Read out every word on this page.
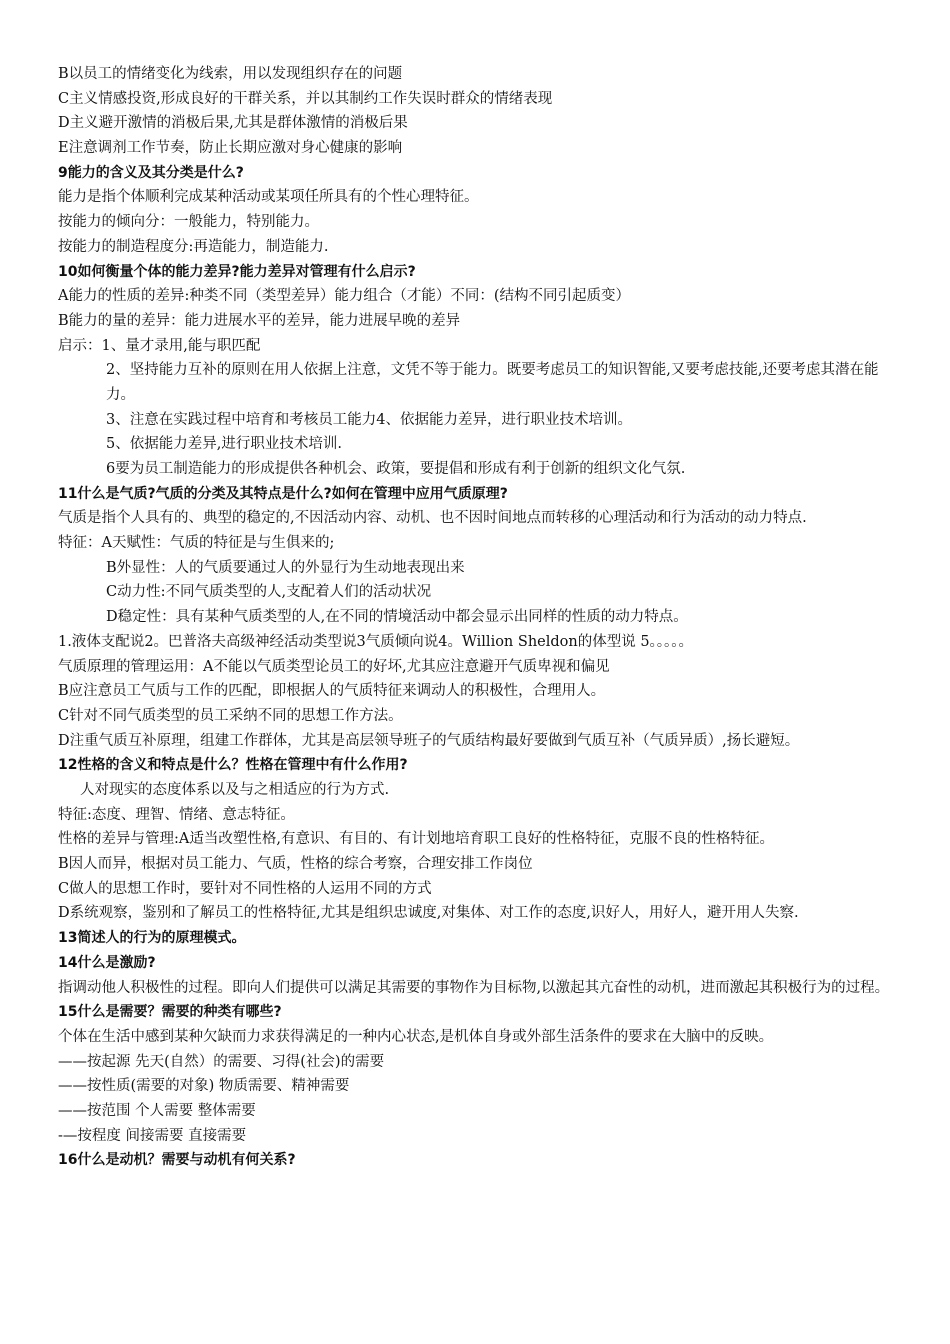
B以员工的情绪变化为线索，用以发现组织存在的问题
C主义情感投资,形成良好的干群关系，并以其制约工作失误时群众的情绪表现
D主义避开激情的消极后果,尤其是群体激情的消极后果
E注意调剂工作节奏，防止长期应激对身心健康的影响
9能力的含义及其分类是什么?
能力是指个体顺利完成某种活动或某项任所具有的个性心理特征。
按能力的倾向分：一般能力，特别能力。
按能力的制造程度分:再造能力，制造能力.
10如何衡量个体的能力差异?能力差异对管理有什么启示?
A能力的性质的差异:种类不同（类型差异）能力组合（才能）不同：(结构不同引起质变）
B能力的量的差异：能力进展水平的差异，能力进展早晚的差异
启示：1、量才录用,能与职匹配
2、坚持能力互补的原则在用人依据上注意，文凭不等于能力。既要考虑员工的知识智能,又要考虑技能,还要考虑其潜在能力。
3、注意在实践过程中培育和考核员工能力4、依据能力差异，进行职业技术培训。
5、依据能力差异,进行职业技术培训.
6要为员工制造能力的形成提供各种机会、政策，要提倡和形成有利于创新的组织文化气氛.
11什么是气质?气质的分类及其特点是什么?如何在管理中应用气质原理?
气质是指个人具有的、典型的稳定的,不因活动内容、动机、也不因时间地点而转移的心理活动和行为活动的动力特点.
特征：A天赋性：气质的特征是与生俱来的;
B外显性：人的气质要通过人的外显行为生动地表现出来
C动力性:不同气质类型的人,支配着人们的活动状况
D稳定性：具有某种气质类型的人,在不同的情境活动中都会显示出同样的性质的动力特点。
1.液体支配说2。巴普洛夫高级神经活动类型说3气质倾向说4。Willion Sheldon的体型说 5。。。。。
气质原理的管理运用：A不能以气质类型论员工的好坏,尤其应注意避开气质卑视和偏见
B应注意员工气质与工作的匹配，即根据人的气质特征来调动人的积极性，合理用人。
C针对不同气质类型的员工采纳不同的思想工作方法。
D注重气质互补原理，组建工作群体，尤其是高层领导班子的气质结构最好要做到气质互补（气质异质）,扬长避短。
12性格的含义和特点是什么？性格在管理中有什么作用?
人对现实的态度体系以及与之相适应的行为方式.
特征:态度、理智、情绪、意志特征。
性格的差异与管理:A适当改塑性格,有意识、有目的、有计划地培育职工良好的性格特征，克服不良的性格特征。
B因人而异，根据对员工能力、气质，性格的综合考察，合理安排工作岗位
C做人的思想工作时，要针对不同性格的人运用不同的方式
D系统观察，鉴别和了解员工的性格特征,尤其是组织忠诚度,对集体、对工作的态度,识好人，用好人，避开用人失察.
13简述人的行为的原理模式。
14什么是激励?
指调动他人积极性的过程。即向人们提供可以满足其需要的事物作为目标物,以激起其亢奋性的动机，进而激起其积极行为的过程。
15什么是需要？需要的种类有哪些?
个体在生活中感到某种欠缺而力求获得满足的一种内心状态,是机体自身或外部生活条件的要求在大脑中的反映。
——按起源 先天(自然）的需要、习得(社会)的需要
——按性质(需要的对象) 物质需要、精神需要
——按范围 个人需要 整体需要
-—按程度 间接需要 直接需要
16什么是动机？需要与动机有何关系?
